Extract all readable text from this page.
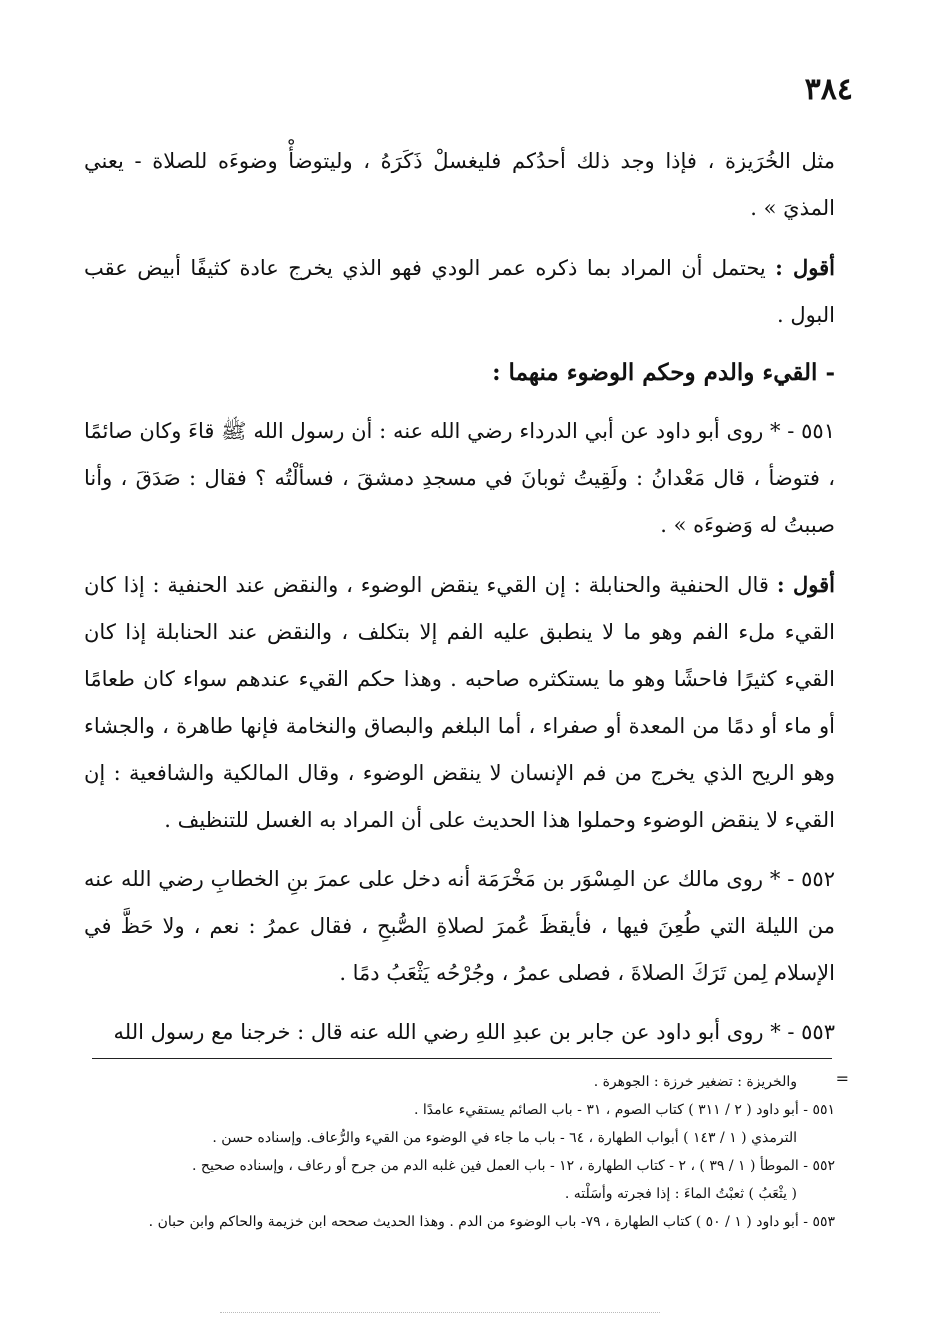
٣٨٤

مثل الخُرَيزة ، فإذا وجد ذلك أحدُكم فليغسلْ ذَكَرَهُ ، وليتوضأْ وضوءَه للصلاة - يعني المذيَ » .

أقول : يحتمل أن المراد بما ذكره عمر الودي فهو الذي يخرج عادة كثيفًا أبيض عقب البول .

- القيء والدم وحكم الوضوء منهما :

٥٥١ - * روى أبو داود عن أبي الدرداء رضي الله عنه : أن رسول الله ﷺ قاءَ وكان صائمًا ، فتوضأ ، قال مَعْدانُ : ولَقِيتُ ثوبانَ في مسجدِ دمشقَ ، فسألْتُه ؟ فقال : صَدَقَ ، وأنا صببتُ له وَضوءَه » .

أقول : قال الحنفية والحنابلة : إن القيء ينقض الوضوء ، والنقض عند الحنفية : إذا كان القيء ملء الفم وهو ما لا ينطبق عليه الفم إلا بتكلف ، والنقض عند الحنابلة إذا كان القيء كثيرًا فاحشًا وهو ما يستكثره صاحبه . وهذا حكم القيء عندهم سواء كان طعامًا أو ماء أو دمًا من المعدة أو صفراء ، أما البلغم والبصاق والنخامة فإنها طاهرة ، والجشاء وهو الريح الذي يخرج من فم الإنسان لا ينقض الوضوء ، وقال المالكية والشافعية : إن القيء لا ينقض الوضوء وحملوا هذا الحديث على أن المراد به الغسل للتنظيف .

٥٥٢ - * روى مالك عن المِسْوَر بن مَخْرَمَة أنه دخل على عمرَ بنِ الخطابِ رضي الله عنه من الليلة التي طُعِنَ فيها ، فأيقظَ عُمرَ لصلاةِ الصُّبحِ ، فقال عمرُ : نعم ، ولا حَظَّ في الإسلام لِمن تَرَكَ الصلاةَ ، فصلى عمرُ ، وجُرْحُه يَثْعَبُ دمًا .

٥٥٣ - * روى أبو داود عن جابر بن عبدِ اللهِ رضي الله عنه قال : خرجنا مع رسول الله

=

والخريزة : تضغير خرزة : الجوهرة .

٥٥١ - أبو داود ( ٢ / ٣١١ ) كتاب الصوم ، ٣١ - باب الصائم يستقيء عامدًا .

الترمذي ( ١ / ١٤٣ ) أبواب الطهارة ، ٦٤ - باب ما جاء في الوضوء من القيء والرُّعاف. وإسناده حسن .

٥٥٢ - الموطأ ( ١ / ٣٩ ) ، ٢ - كتاب الطهارة ، ١٢ - باب العمل فين غلبه الدم من جرح أو رعاف ، وإسناده صحيح .

( يثْعَبُ ) ثعبْتُ الماءَ : إذا فجرته وأسَلْته .

٥٥٣ - أبو داود ( ١ / ٥٠ ) كتاب الطهارة ، ٧٩- باب الوضوء من الدم . وهذا الحديث صححه ابن خزيمة والحاكم وابن حبان .
